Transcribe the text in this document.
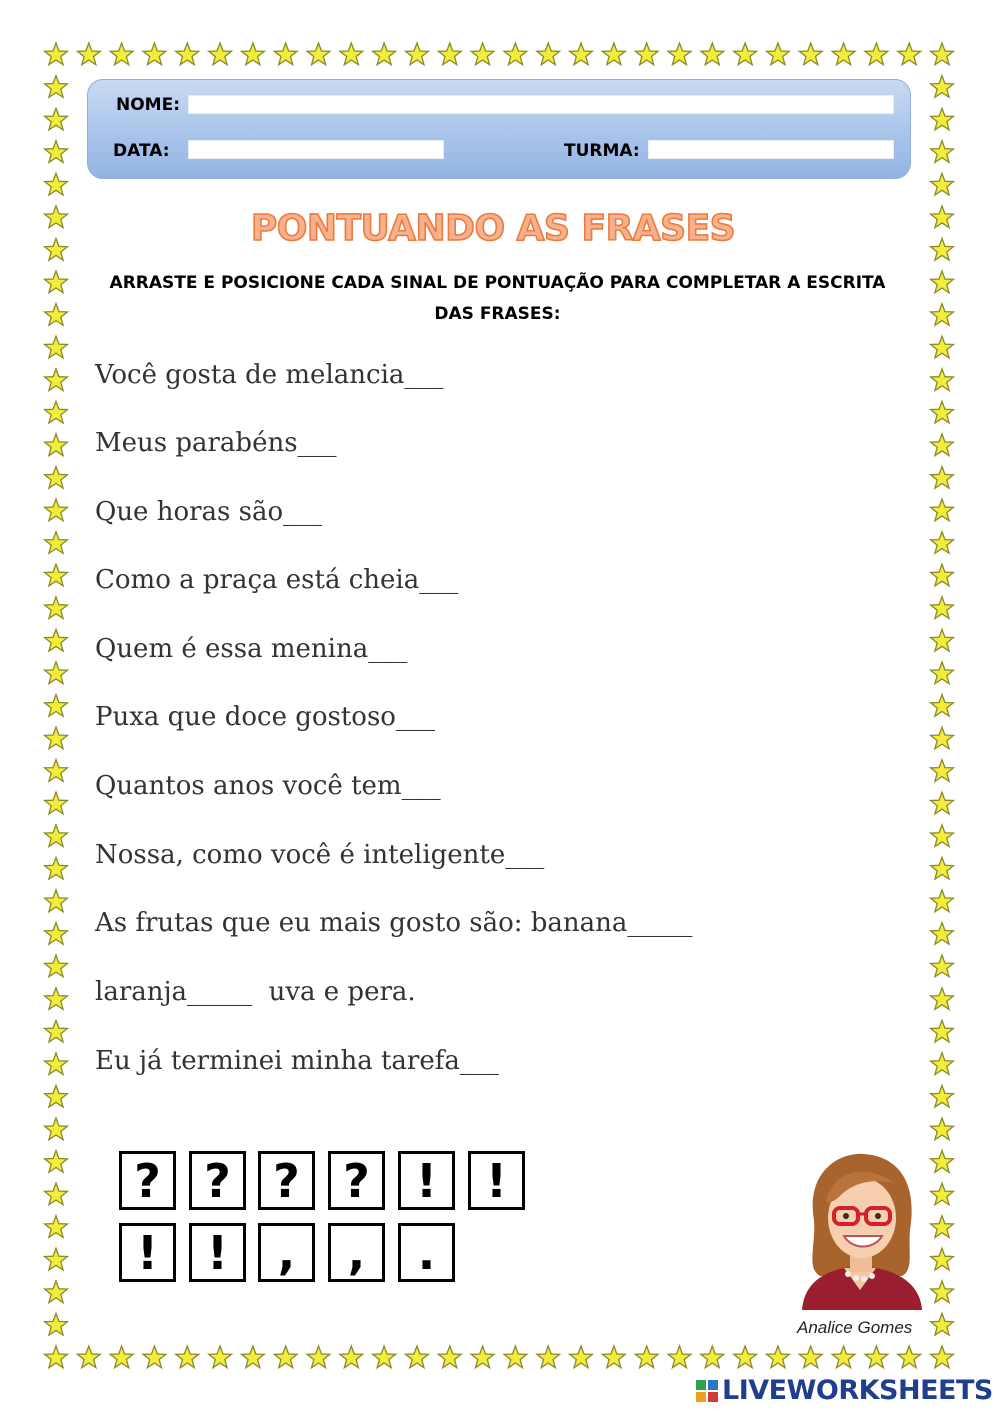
NOME:
DATA:	TURMA:
PONTUANDO AS FRASES
ARRASTE E POSICIONE CADA SINAL DE PONTUAÇÃO PARA COMPLETAR A ESCRITA DAS FRASES:
Você gosta de melancia___
Meus parabéns___
Que horas são___
Como a praça está cheia___
Quem é essa menina___
Puxa que doce gostoso___
Quantos anos você tem___
Nossa, como você é inteligente___
As frutas que eu mais gosto são: banana_____
laranja_____  uva e pera.
Eu já terminei minha tarefa___
? ? ? ?	!	!
!	!	,	,	.
Analice Gomes
LIVEWORKSHEETS
